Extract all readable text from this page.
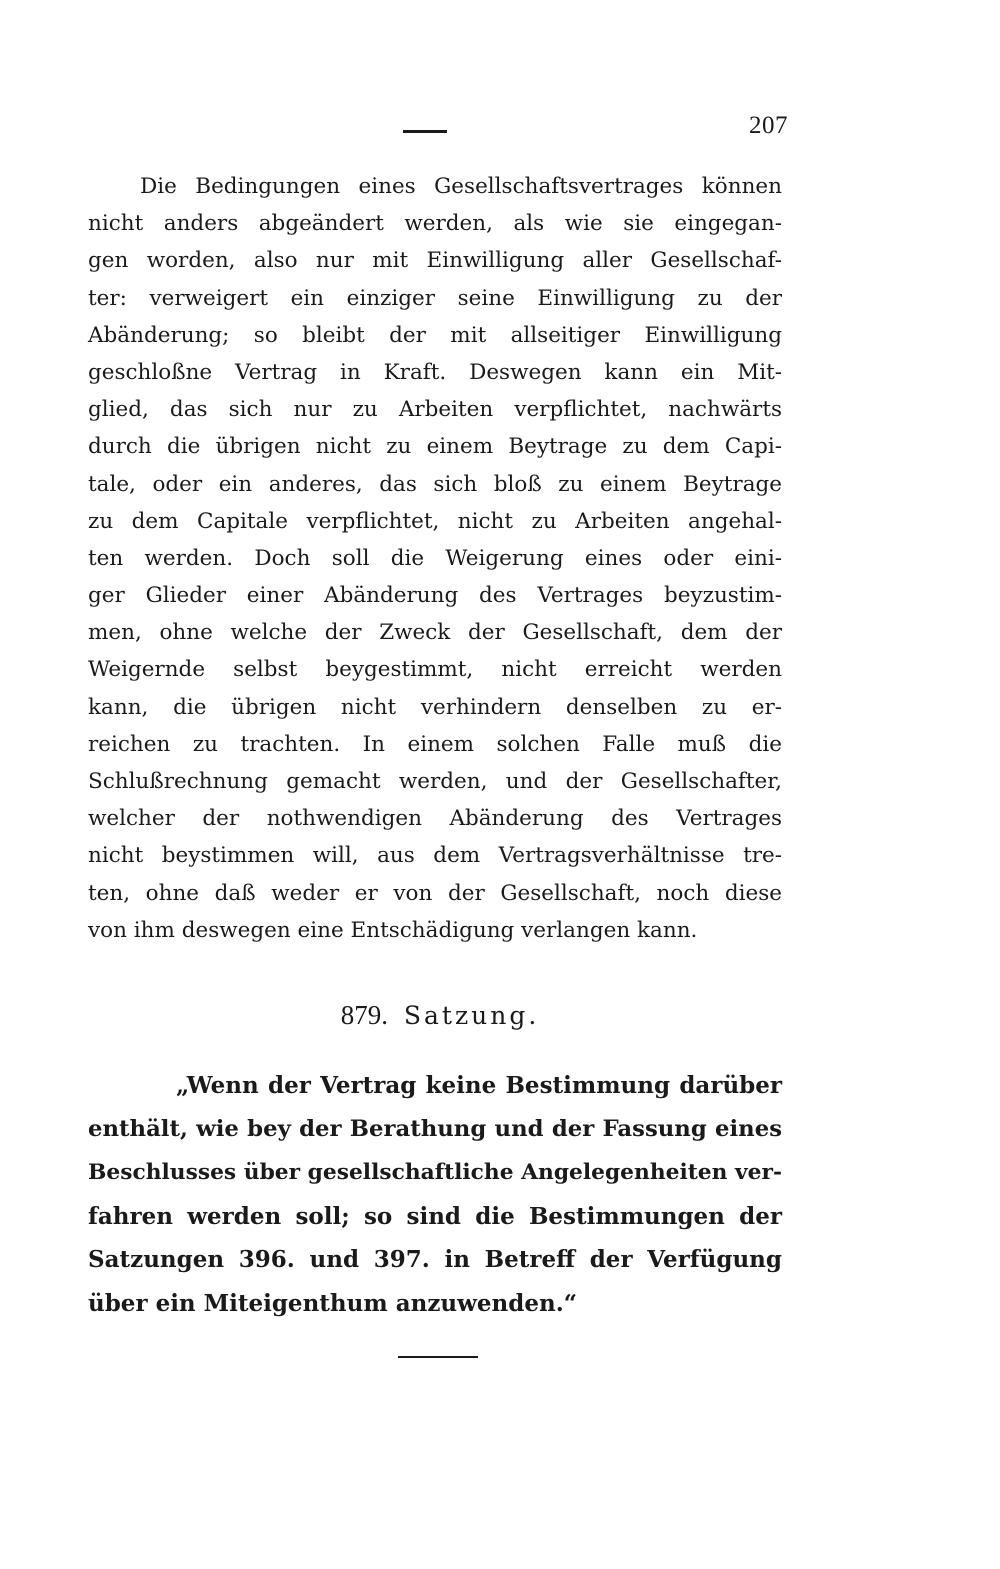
207
Die Bedingungen eines Gesellschaftsvertrages können
nicht anders abgeändert werden, als wie sie eingegan-
gen worden, also nur mit Einwilligung aller Gesellschaf-
ter: verweigert ein einziger seine Einwilligung zu der
Abänderung; so bleibt der mit allseitiger Einwilligung
geschloßne Vertrag in Kraft. Deswegen kann ein Mit-
glied, das sich nur zu Arbeiten verpflichtet, nachwärts
durch die übrigen nicht zu einem Beytrage zu dem Capi-
tale, oder ein anderes, das sich bloß zu einem Beytrage
zu dem Capitale verpflichtet, nicht zu Arbeiten angehal-
ten werden. Doch soll die Weigerung eines oder eini-
ger Glieder einer Abänderung des Vertrages beyzustim-
men, ohne welche der Zweck der Gesellschaft, dem der
Weigernde selbst beygestimmt, nicht erreicht werden
kann, die übrigen nicht verhindern denselben zu er-
reichen zu trachten. In einem solchen Falle muß die
Schlußrechnung gemacht werden, und der Gesellschafter,
welcher der nothwendigen Abänderung des Vertrages
nicht beystimmen will, aus dem Vertragsverhältnisse tre-
ten, ohne daß weder er von der Gesellschaft, noch diese
von ihm deswegen eine Entschädigung verlangen kann.
879. Satzung.
„Wenn der Vertrag keine Bestimmung darüber
enthält, wie bey der Berathung und der Fassung eines
Beschlusses über gesellschaftliche Angelegenheiten ver-
fahren werden soll; so sind die Bestimmungen der
Satzungen 396. und 397. in Betreff der Verfügung
über ein Miteigenthum anzuwenden.“
